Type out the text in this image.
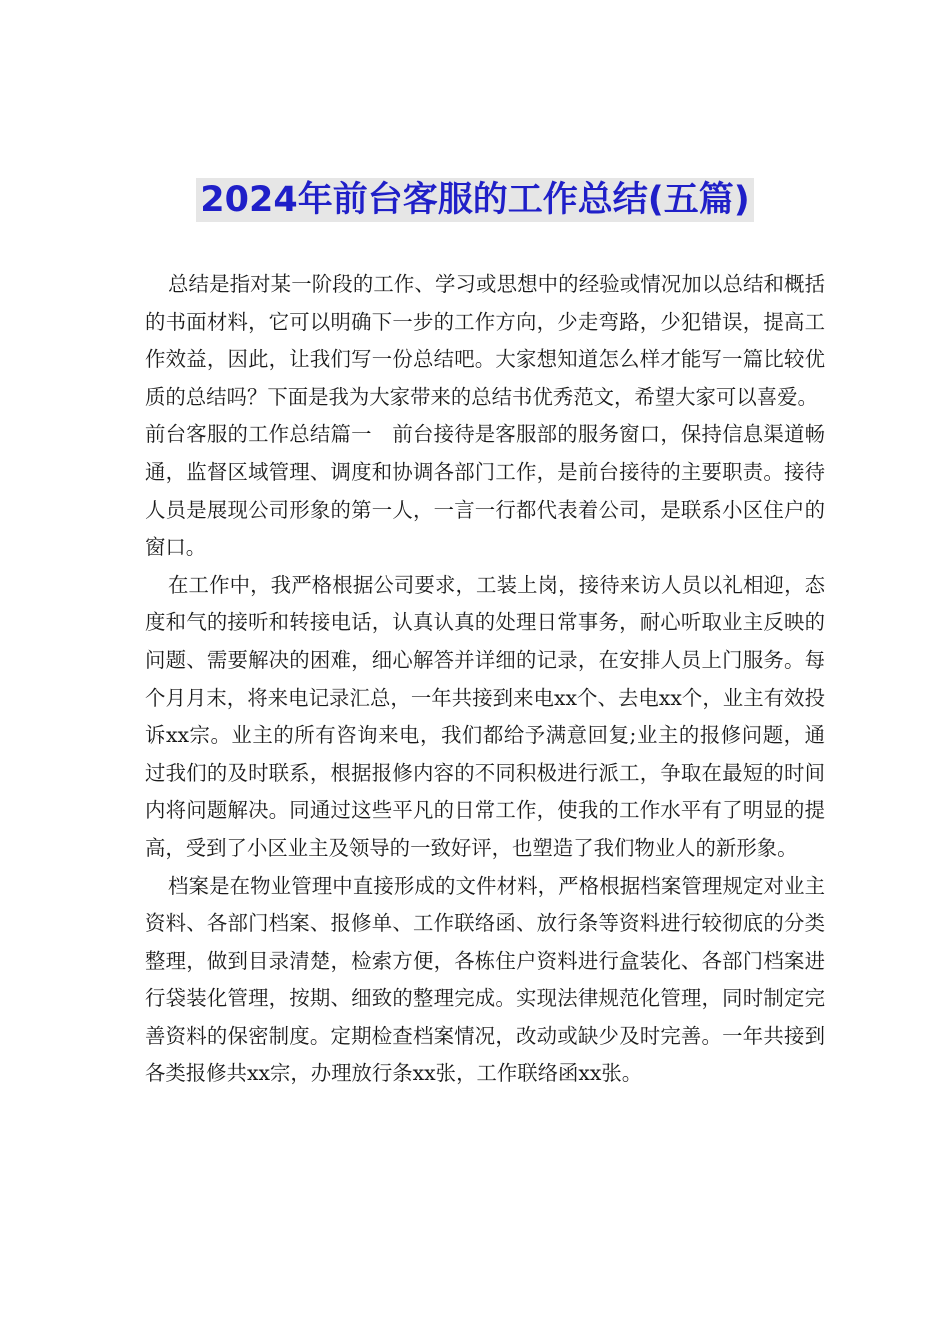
2024年前台客服的工作总结(五篇)

总结是指对某一阶段的工作、学习或思想中的经验或情况加以总结和概括的书面材料，它可以明确下一步的工作方向，少走弯路，少犯错误，提高工作效益，因此，让我们写一份总结吧。大家想知道怎么样才能写一篇比较优质的总结吗？下面是我为大家带来的总结书优秀范文，希望大家可以喜爱。

前台客服的工作总结篇一　前台接待是客服部的服务窗口，保持信息渠道畅通，监督区域管理、调度和协调各部门工作，是前台接待的主要职责。接待人员是展现公司形象的第一人，一言一行都代表着公司，是联系小区住户的窗口。

在工作中，我严格根据公司要求，工装上岗，接待来访人员以礼相迎，态度和气的接听和转接电话，认真认真的处理日常事务，耐心听取业主反映的问题、需要解决的困难，细心解答并详细的记录，在安排人员上门服务。每个月月末，将来电记录汇总，一年共接到来电xx个、去电xx个，业主有效投诉xx宗。业主的所有咨询来电，我们都给予满意回复;业主的报修问题，通过我们的及时联系，根据报修内容的不同积极进行派工，争取在最短的时间内将问题解决。同通过这些平凡的日常工作，使我的工作水平有了明显的提高，受到了小区业主及领导的一致好评，也塑造了我们物业人的新形象。

档案是在物业管理中直接形成的文件材料，严格根据档案管理规定对业主资料、各部门档案、报修单、工作联络函、放行条等资料进行较彻底的分类整理，做到目录清楚，检索方便，各栋住户资料进行盒装化、各部门档案进行袋装化管理，按期、细致的整理完成。实现法律规范化管理，同时制定完善资料的保密制度。定期检查档案情况，改动或缺少及时完善。一年共接到各类报修共xx宗，办理放行条xx张，工作联络函xx张。
